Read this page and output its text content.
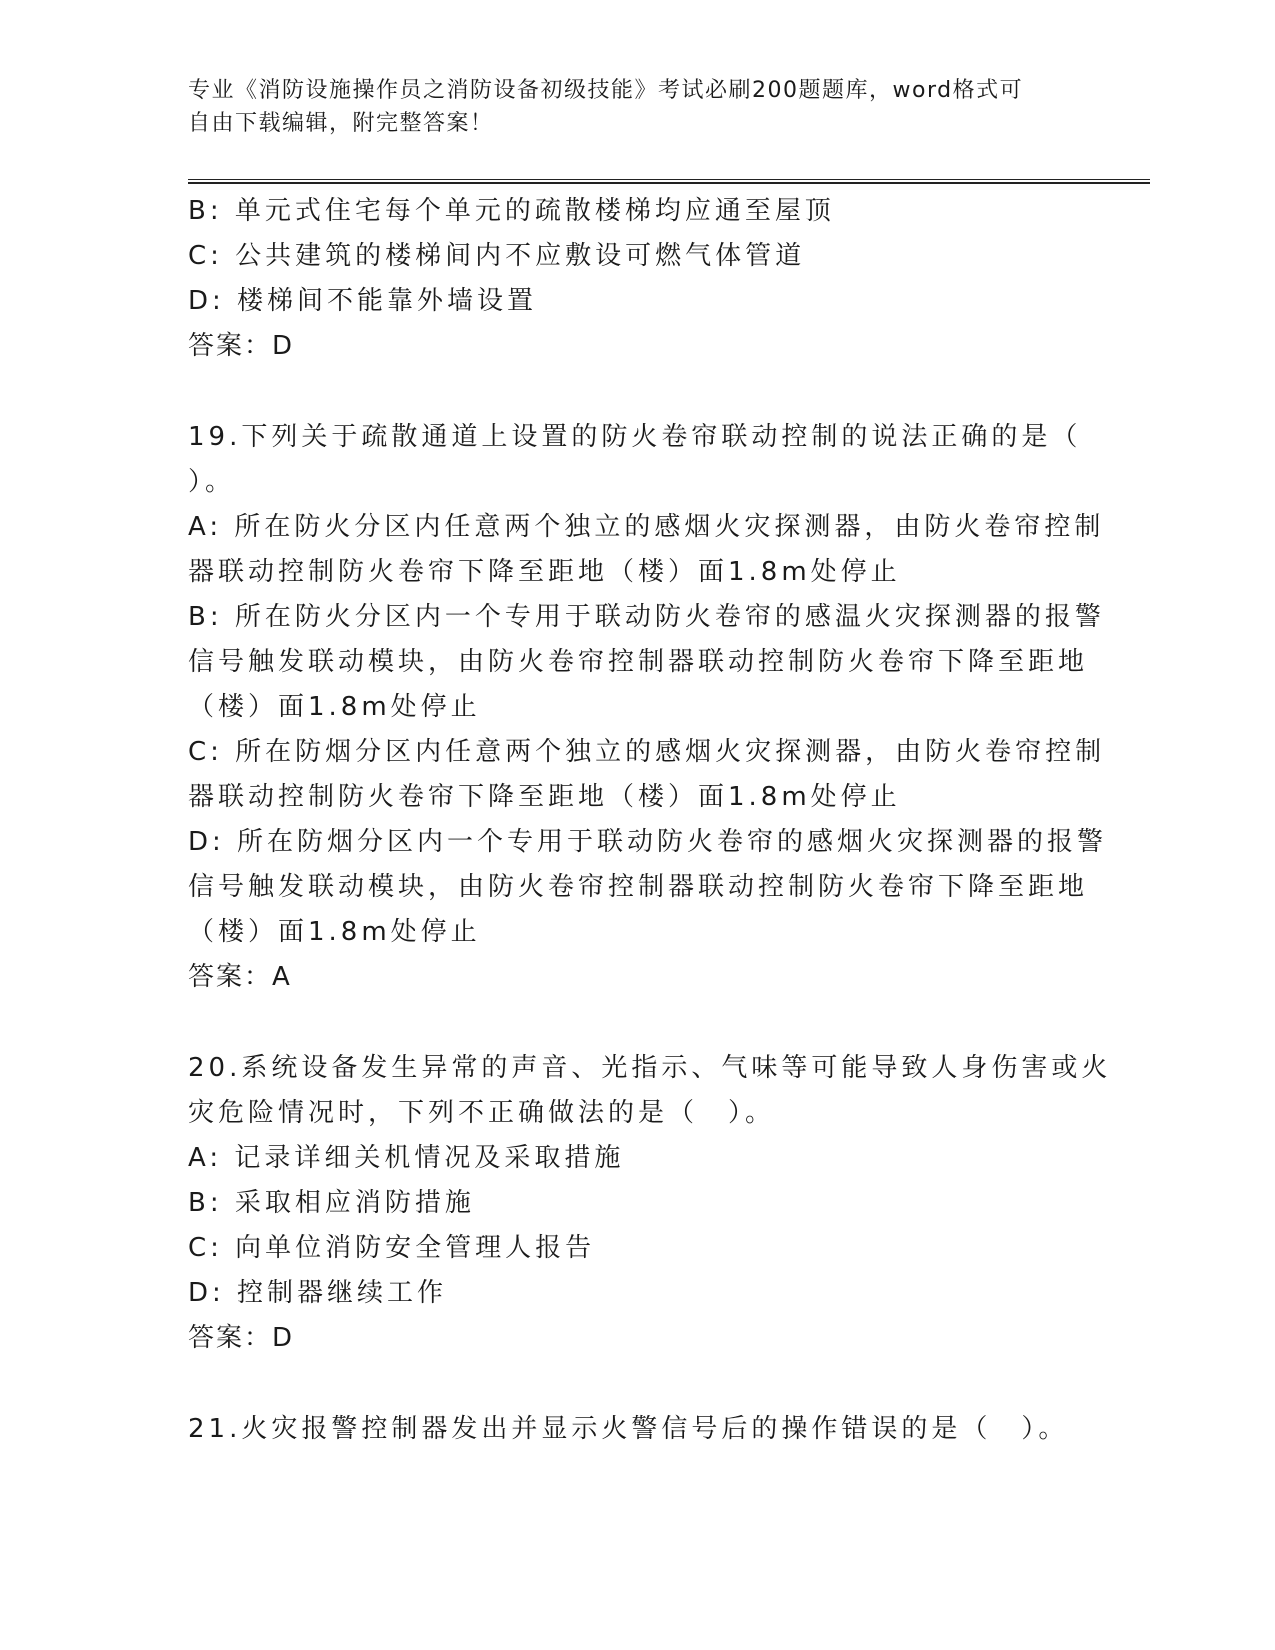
专业《消防设施操作员之消防设备初级技能》考试必刷200题题库，word格式可
自由下载编辑，附完整答案！
B: 单元式住宅每个单元的疏散楼梯均应通至屋顶
C: 公共建筑的楼梯间内不应敷设可燃气体管道
D: 楼梯间不能靠外墙设置
答案：D
19.下列关于疏散通道上设置的防火卷帘联动控制的说法正确的是（
）。
A: 所在防火分区内任意两个独立的感烟火灾探测器，由防火卷帘控制
器联动控制防火卷帘下降至距地（楼）面1.8m处停止
B: 所在防火分区内一个专用于联动防火卷帘的感温火灾探测器的报警
信号触发联动模块，由防火卷帘控制器联动控制防火卷帘下降至距地
（楼）面1.8m处停止
C: 所在防烟分区内任意两个独立的感烟火灾探测器，由防火卷帘控制
器联动控制防火卷帘下降至距地（楼）面1.8m处停止
D: 所在防烟分区内一个专用于联动防火卷帘的感烟火灾探测器的报警
信号触发联动模块，由防火卷帘控制器联动控制防火卷帘下降至距地
（楼）面1.8m处停止
答案：A
20.系统设备发生异常的声音、光指示、气味等可能导致人身伤害或火
灾危险情况时，下列不正确做法的是（　）。
A: 记录详细关机情况及采取措施
B: 采取相应消防措施
C: 向单位消防安全管理人报告
D: 控制器继续工作
答案：D
21.火灾报警控制器发出并显示火警信号后的操作错误的是（　）。
